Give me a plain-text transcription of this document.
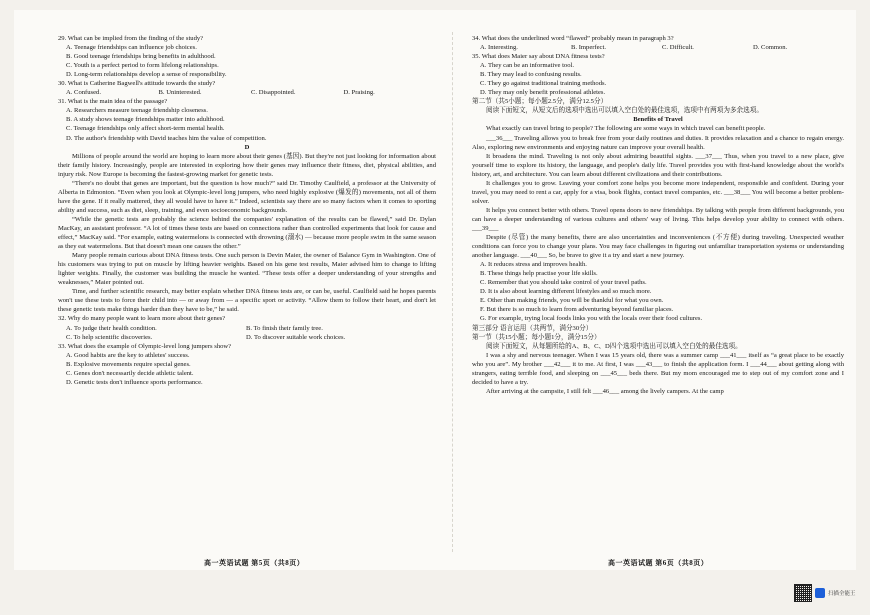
29. What can be implied from the finding of the study?
A. Teenage friendships can influence job choices.
B. Good teenage friendships bring benefits in adulthood.
C. Youth is a perfect period to form lifelong relationships.
D. Long-term relationships develop a sense of responsibility.
30. What is Catherine Bagwell's attitude towards the study?
A. Confused.	B. Uninterested.	C. Disappointed.	D. Praising.
31. What is the main idea of the passage?
A. Researchers measure teenage friendship closeness.
B. A study shows teenage friendships matter into adulthood.
C. Teenage friendships only affect short-term mental health.
D. The author's friendship with David teaches him the value of competition.
D
Millions of people around the world are hoping to learn more about their genes (基因). But they're not just looking for information about their family history. Increasingly, people are interested in exploring how their genes may influence their fitness, diet, physical abilities, and injury risk. Now Europe is becoming the fastest-growing market for genetic tests.
“There's no doubt that genes are important, but the question is how much?” said Dr. Timothy Caulfield, a professor at the University of Alberta in Edmonton. “Even when you look at Olympic-level long jumpers, who need highly explosive (爆发的) movements, not all of them have the gene. If it really mattered, they all would have to have it.” Indeed, scientists say there are so many factors when it comes to sporting ability and success, such as diet, sleep, training, and even socioeconomic backgrounds.
“While the genetic tests are probably the science behind the companies' explanation of the results can be flawed,” said Dr. Dylan MacKay, an assistant professor. “A lot of times these tests are based on connections rather than controlled experiments that look for cause and effect,” MacKay said. “For example, eating watermelons is connected with drowning (溺水) — because more people swim in the same season as they eat watermelons. But that doesn't mean one causes the other.”
Many people remain curious about DNA fitness tests. One such person is Devin Maier, the owner of Balance Gym in Washington. One of his customers was trying to put on muscle by lifting heavier weights. Based on his gene test results, Maier advised him to change to lifting lighter weights. Finally, the customer was building the muscle he wanted. “These tests offer a deeper understanding of your strengths and weaknesses,” Maier pointed out.
Time, and further scientific research, may better explain whether DNA fitness tests are, or can be, useful. Caulfield said he hopes parents won't use these tests to force their child into — or away from — a specific sport or activity. “Allow them to follow their heart, and don't let these genetic tests make things harder than they have to be,” he said.
32. Why do many people want to learn more about their genes?
A. To judge their health condition.	B. To finish their family tree.
C. To help scientific discoveries.	D. To discover suitable work choices.
33. What does the example of Olympic-level long jumpers show?
A. Good habits are the key to athletes' success.
B. Explosive movements require special genes.
C. Genes don't necessarily decide athletic talent.
D. Genetic tests don't influence sports performance.
34. What does the underlined word “flawed” probably mean in paragraph 3?
A. Interesting.	B. Imperfect.	C. Difficult.	D. Common.
35. What does Maier say about DNA fitness tests?
A. They can be an informative tool.
B. They may lead to confusing results.
C. They go against traditional training methods.
D. They may only benefit professional athletes.
第二节（共5小题；每小题2.5分，满分12.5分）
阅读下面短文，从短文后的选项中选出可以填入空白处的最佳选项，选项中有两项为多余选项。
Benefits of Travel
What exactly can travel bring to people? The following are some ways in which travel can benefit people.
___36___ Traveling allows you to break free from your daily routines and duties. It provides relaxation and a chance to regain energy. Also, exploring new environments and enjoying nature can improve your overall health.
It broadens the mind. Traveling is not only about admiring beautiful sights. ___37___ Thus, when you travel to a new place, give yourself time to explore its history, the language, and people's daily life. Travel provides you with first-hand knowledge about the world's history, art, and architecture. You can learn about different civilizations and their contributions.
It challenges you to grow. Leaving your comfort zone helps you become more independent, responsible and confident. During your travel, you may need to rent a car, apply for a visa, book flights, contact travel companies, etc. ___38___ You will become a better problem-solver.
It helps you connect better with others. Travel opens doors to new friendships. By talking with people from different backgrounds, you can have a deeper understanding of various cultures and others' way of living. This helps develop your ability to connect with others. ___39___
Despite (尽管) the many benefits, there are also uncertainties and inconveniences (不方便) during traveling. Unexpected weather conditions can force you to change your plans. You may face challenges in figuring out unfamiliar transportation systems or understanding another language. ___40___ So, be brave to give it a try and start a new journey.
A. It reduces stress and improves health.
B. These things help practise your life skills.
C. Remember that you should take control of your travel paths.
D. It is also about learning different lifestyles and so much more.
E. Other than making friends, you will be thankful for what you own.
F. But there is so much to learn from adventuring beyond familiar places.
G. For example, trying local foods links you with the locals over their food cultures.
第三部分 语言运用（共两节，满分30分）
第一节（共15小题；每小题1分，满分15分）
阅读下面短文，从每题所给的A、B、C、D四个选项中选出可以填入空白处的最佳选项。
I was a shy and nervous teenager. When I was 15 years old, there was a summer camp ___41___ itself as “a great place to be exactly who you are”. My brother ___42___ it to me. At first, I was ___43___ to finish the application form. I ___44___ about getting along with strangers, eating terrible food, and sleeping on ___45___ beds there. But my mom encouraged me to step out of my comfort zone and I decided to have a try.
After arriving at the campsite, I still felt ___46___ among the lively campers. At the camp
高一英语试题 第5页（共8页）	高一英语试题 第6页（共8页）
扫描全能王
